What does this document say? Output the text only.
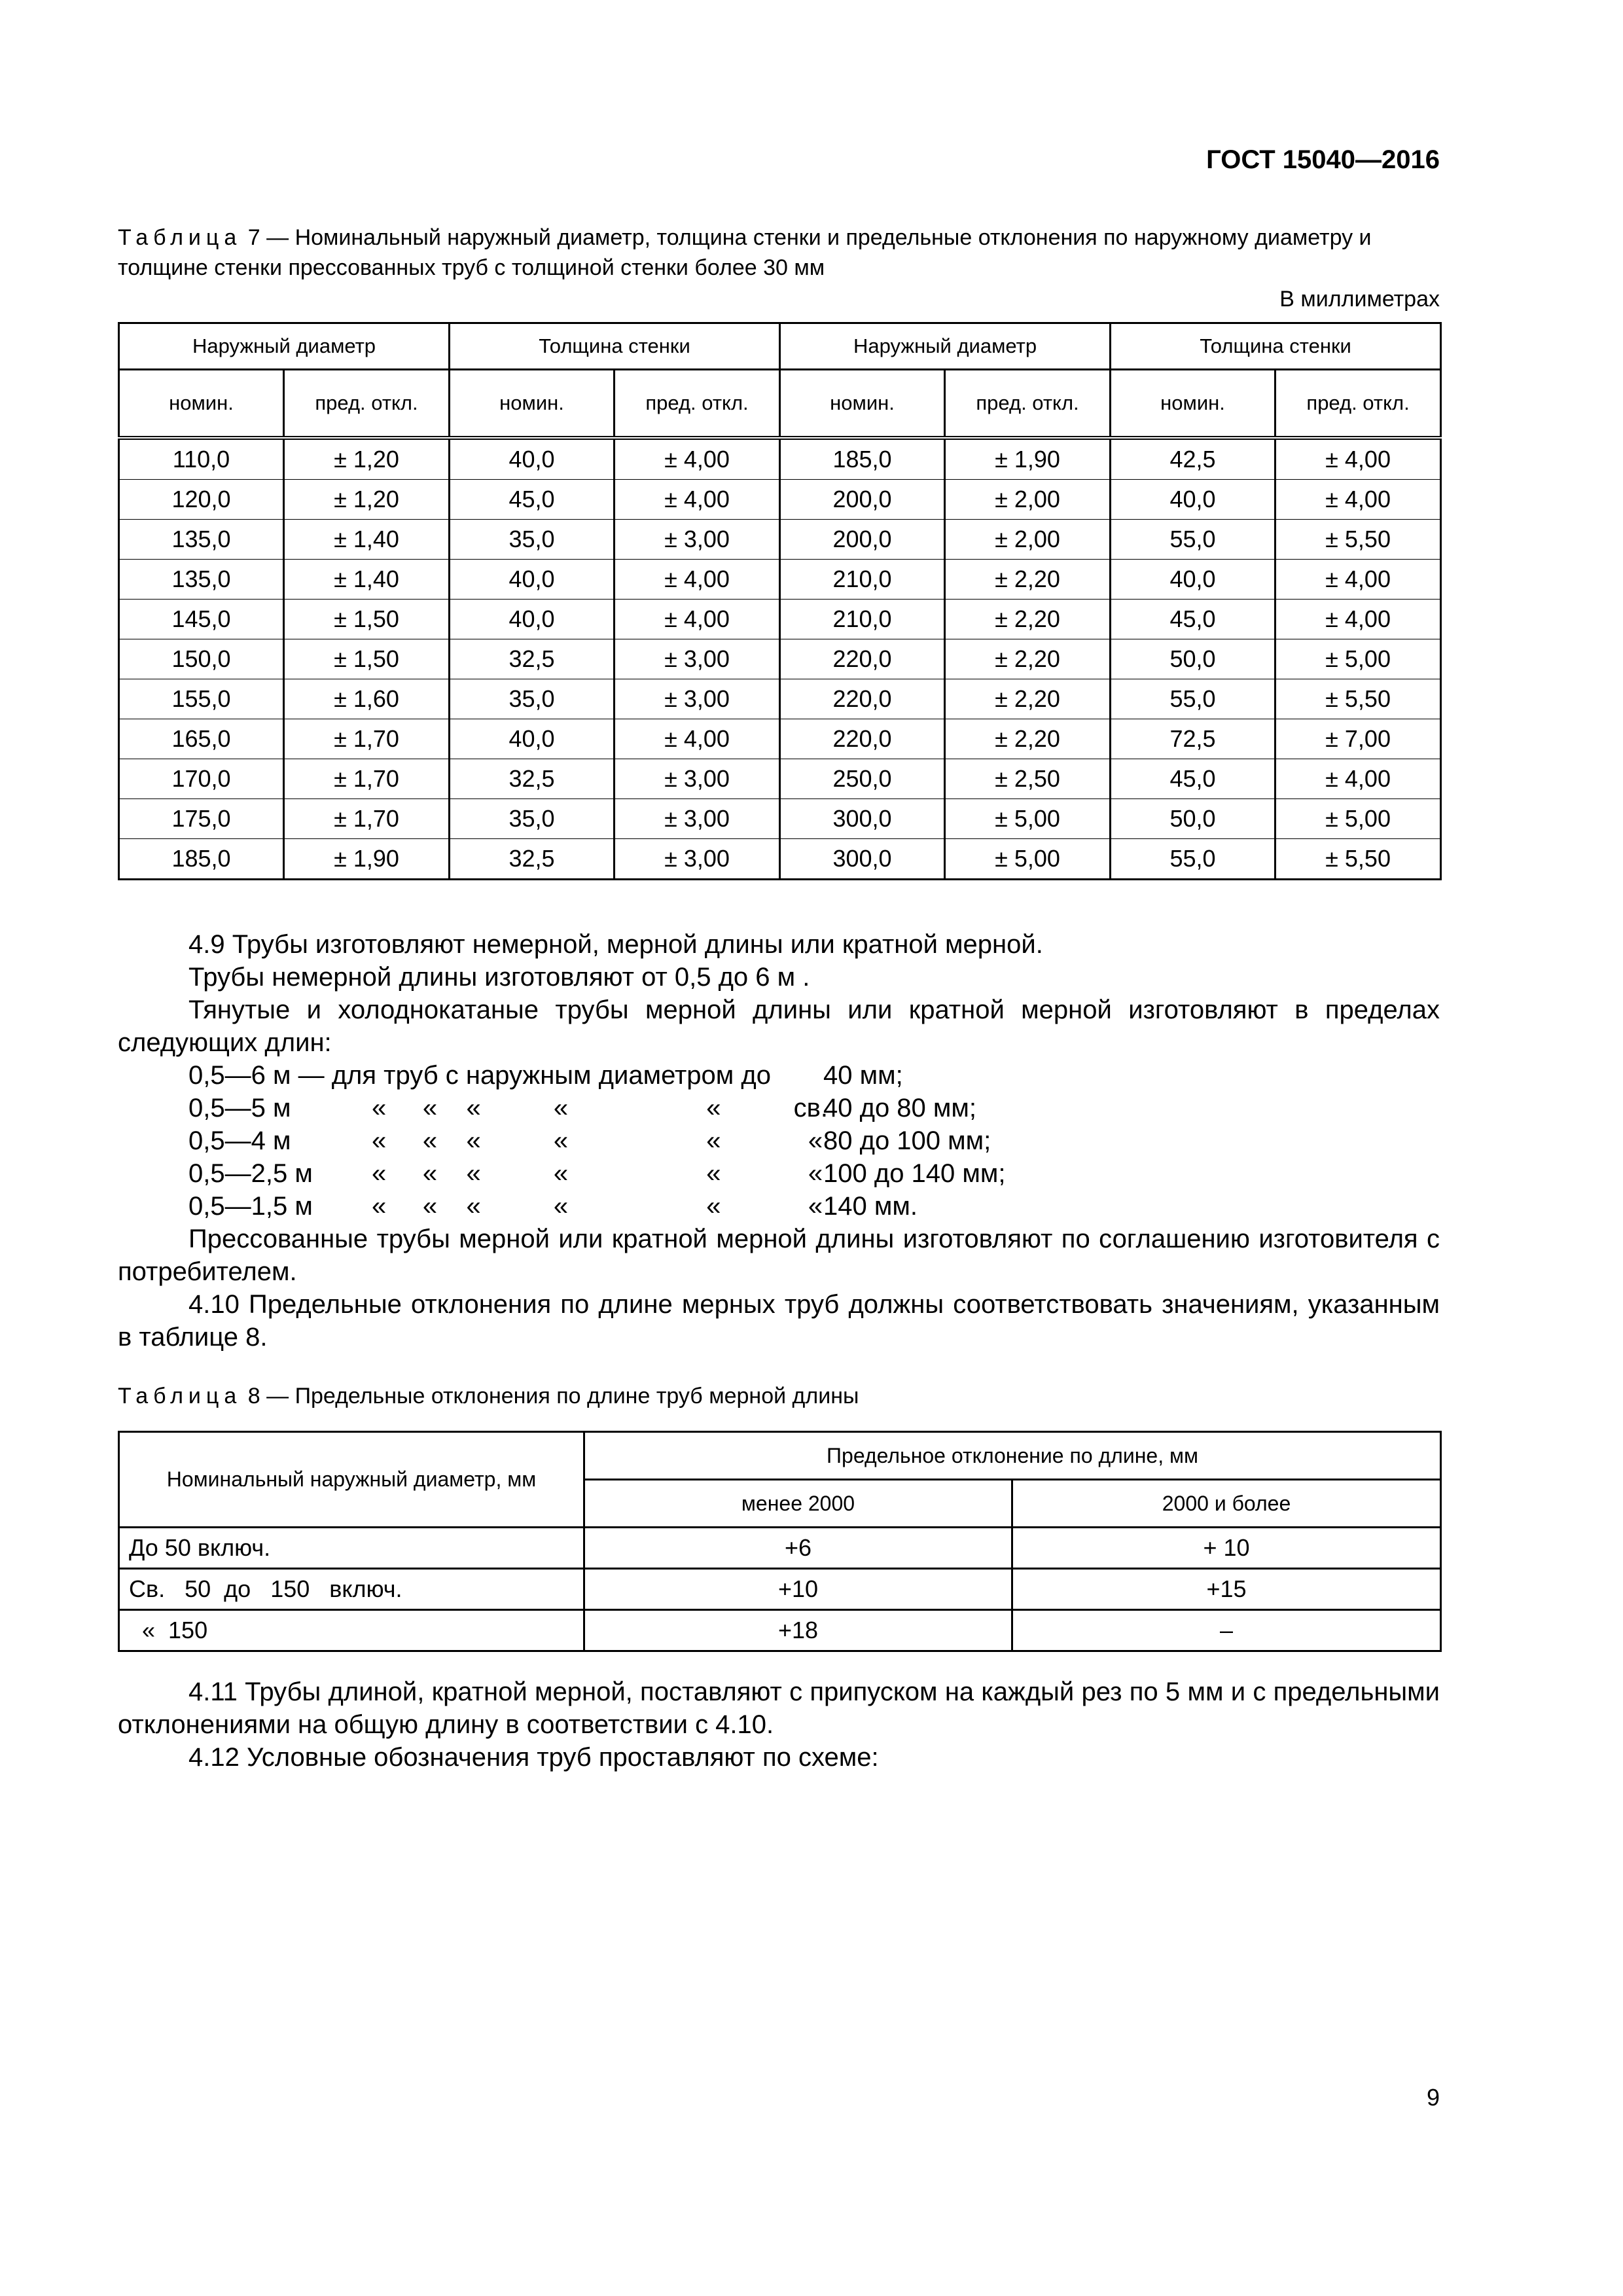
ГОСТ 15040—2016
Таблица 7 — Номинальный наружный диаметр, толщина стенки и предельные отклонения по наружному диаметру и толщине стенки прессованных труб с толщиной стенки более 30 мм
В миллиметрах
Наружный диаметр		Толщина стенки		Наружный диаметр		Толщина стенки	
номин.	пред. откл.	номин.	пред. откл.	номин.	пред. откл.	номин.	пред. откл.
110,0	± 1,20	40,0	± 4,00	185,0	± 1,90	42,5	± 4,00
120,0	± 1,20	45,0	± 4,00	200,0	± 2,00	40,0	± 4,00
135,0	± 1,40	35,0	± 3,00	200,0	± 2,00	55,0	± 5,50
135,0	± 1,40	40,0	± 4,00	210,0	± 2,20	40,0	± 4,00
145,0	± 1,50	40,0	± 4,00	210,0	± 2,20	45,0	± 4,00
150,0	± 1,50	32,5	± 3,00	220,0	± 2,20	50,0	± 5,00
155,0	± 1,60	35,0	± 3,00	220,0	± 2,20	55,0	± 5,50
165,0	± 1,70	40,0	± 4,00	220,0	± 2,20	72,5	± 7,00
170,0	± 1,70	32,5	± 3,00	250,0	± 2,50	45,0	± 4,00
175,0	± 1,70	35,0	± 3,00	300,0	± 5,00	50,0	± 5,00
185,0	± 1,90	32,5	± 3,00	300,0	± 5,00	55,0	± 5,50

4.9 Трубы изготовляют немерной, мерной длины или кратной мерной.

Трубы немерной длины изготовляют от 0,5 до 6 м .

Тянутые и холоднокатаные трубы мерной длины или кратной мерной изготовляют в пределах следующих длин:

0,5—6 м — для труб с наружным диаметром до	40 мм;
0,5—5 м	«     «    «          «                   «          св.
40 до 80 мм;
0,5—4 м	«     «    «          «                   «            « 80 до 100 мм;
0,5—2,5 м	«     «    «          «                   «            « 100 до 140 мм;
0,5—1,5 м	«     «    «          «                   «            « 140 мм.

Прессованные трубы мерной или кратной мерной длины изготовляют по соглашению изготовителя с потребителем.

4.10 Предельные отклонения по длине мерных труб должны соответствовать значениям, указанным в таблице 8.

Таблица 8 — Предельные отклонения по длине труб мерной длины
Номинальный наружный диаметр, мм	Предельное отклонение по длине, мм	
	менее 2000	2000 и более
До 50 включ.	+6	+ 10
Св.   50  до   150   включ.	+10	+15
«  150	+18	–

4.11 Трубы длиной, кратной мерной, поставляют с припуском на каждый рез по 5 мм и с предельными отклонениями на общую длину в соответствии с 4.10.

4.12 Условные обозначения труб проставляют по схеме:

9
